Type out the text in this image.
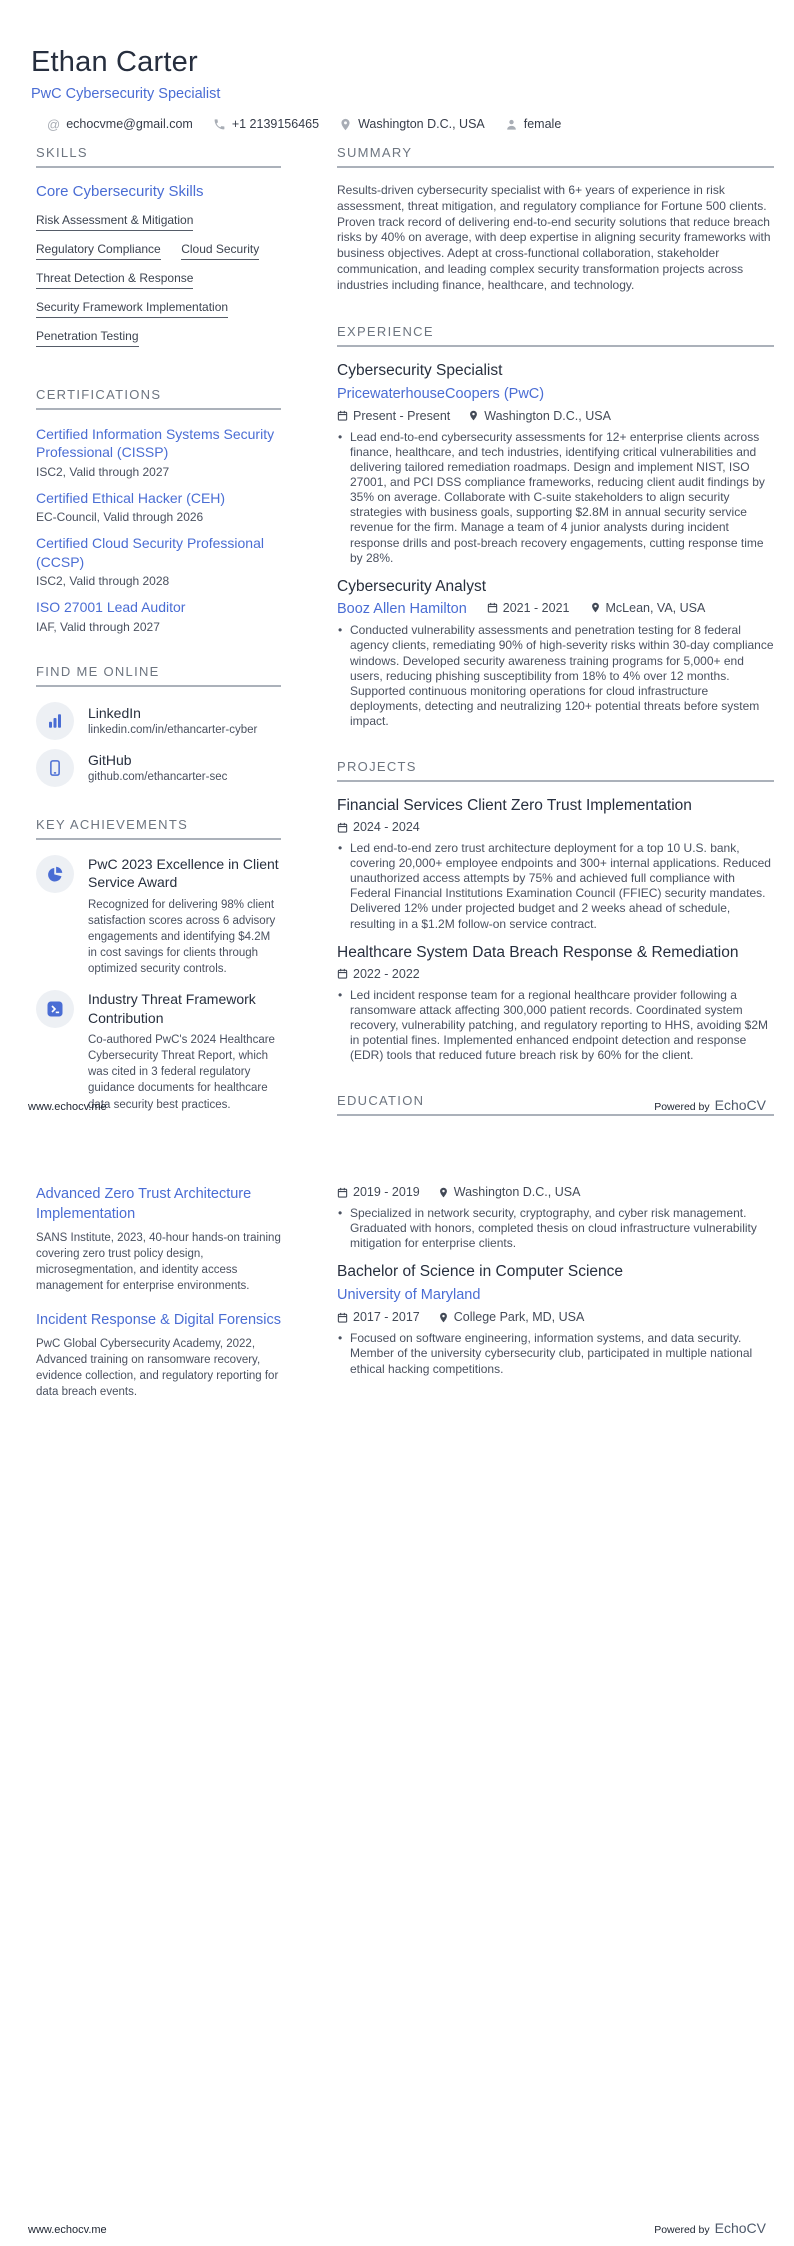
Ethan Carter
PwC Cybersecurity Specialist
@ echocvme@gmail.com	+1 2139156465	Washington D.C., USA	female
SKILLS
Core Cybersecurity Skills
Risk Assessment & Mitigation Regulatory Compliance Cloud Security Threat Detection & Response Security Framework Implementation Penetration Testing
CERTIFICATIONS
Certified Information Systems Security Professional (CISSP)
ISC2, Valid through 2027
Certified Ethical Hacker (CEH)
EC-Council, Valid through 2026
Certified Cloud Security Professional (CCSP)
ISC2, Valid through 2028
ISO 27001 Lead Auditor
IAF, Valid through 2027
FIND ME ONLINE
LinkedIn
linkedin.com/in/ethancarter-cyber
GitHub
github.com/ethancarter-sec
KEY ACHIEVEMENTS
PwC 2023 Excellence in Client Service Award
Recognized for delivering 98% client satisfaction scores across 6 advisory engagements and identifying $4.2M in cost savings for clients through optimized security controls.
Industry Threat Framework Contribution
Co-authored PwC's 2024 Healthcare Cybersecurity Threat Report, which was cited in 3 federal regulatory guidance documents for healthcare data security best practices.
SUMMARY

Results-driven cybersecurity specialist with 6+ years of experience in risk assessment, threat mitigation, and regulatory compliance for Fortune 500 clients. Proven track record of delivering end-to-end security solutions that reduce breach risks by 40% on average, with deep expertise in aligning security frameworks with business objectives. Adept at cross-functional collaboration, stakeholder communication, and leading complex security transformation projects across industries including finance, healthcare, and technology.

EXPERIENCE
Cybersecurity Specialist
PricewaterhouseCoopers (PwC)
Present - Present	Washington D.C., USA

• Lead end-to-end cybersecurity assessments for 12+ enterprise clients across finance, healthcare, and tech industries, identifying critical vulnerabilities and delivering tailored remediation roadmaps. Design and implement NIST, ISO 27001, and PCI DSS compliance frameworks, reducing client audit findings by 35% on average. Collaborate with C-suite stakeholders to align security strategies with business goals, supporting $2.8M in annual security service revenue for the firm. Manage a team of 4 junior analysts during incident response drills and post-breach recovery engagements, cutting response time by 28%.

Cybersecurity Analyst
Booz Allen Hamilton	2021 - 2021	McLean, VA, USA

• Conducted vulnerability assessments and penetration testing for 8 federal agency clients, remediating 90% of high-severity risks within 30-day compliance windows. Developed security awareness training programs for 5,000+ end users, reducing phishing susceptibility from 18% to 4% over 12 months. Supported continuous monitoring operations for cloud infrastructure deployments, detecting and neutralizing 120+ potential threats before system impact.

PROJECTS
Financial Services Client Zero Trust Implementation
2024 - 2024

• Led end-to-end zero trust architecture deployment for a top 10 U.S. bank, covering 20,000+ employee endpoints and 300+ internal applications. Reduced unauthorized access attempts by 75% and achieved full compliance with Federal Financial Institutions Examination Council (FFIEC) security mandates. Delivered 12% under projected budget and 2 weeks ahead of schedule, resulting in a $1.2M follow-on service contract.

Healthcare System Data Breach Response & Remediation
2022 - 2022

• Led incident response team for a regional healthcare provider following a ransomware attack affecting 300,000 patient records. Coordinated system recovery, vulnerability patching, and regulatory reporting to HHS, avoiding $2M in potential fines. Implemented enhanced endpoint detection and response (EDR) tools that reduced future breach risk by 60% for the client.

EDUCATION
www.echocv.me	Powered by EchoCV
Advanced Zero Trust Architecture Implementation
SANS Institute, 2023, 40-hour hands-on training covering zero trust policy design, microsegmentation, and identity access management for enterprise environments.
Incident Response & Digital Forensics
PwC Global Cybersecurity Academy, 2022, Advanced training on ransomware recovery, evidence collection, and regulatory reporting for data breach events.
2019 - 2019	Washington D.C., USA

• Specialized in network security, cryptography, and cyber risk management. Graduated with honors, completed thesis on cloud infrastructure vulnerability mitigation for enterprise clients.

Bachelor of Science in Computer Science
University of Maryland
2017 - 2017	College Park, MD, USA

• Focused on software engineering, information systems, and data security. Member of the university cybersecurity club, participated in multiple national ethical hacking competitions.

www.echocv.me	Powered by EchoCV
